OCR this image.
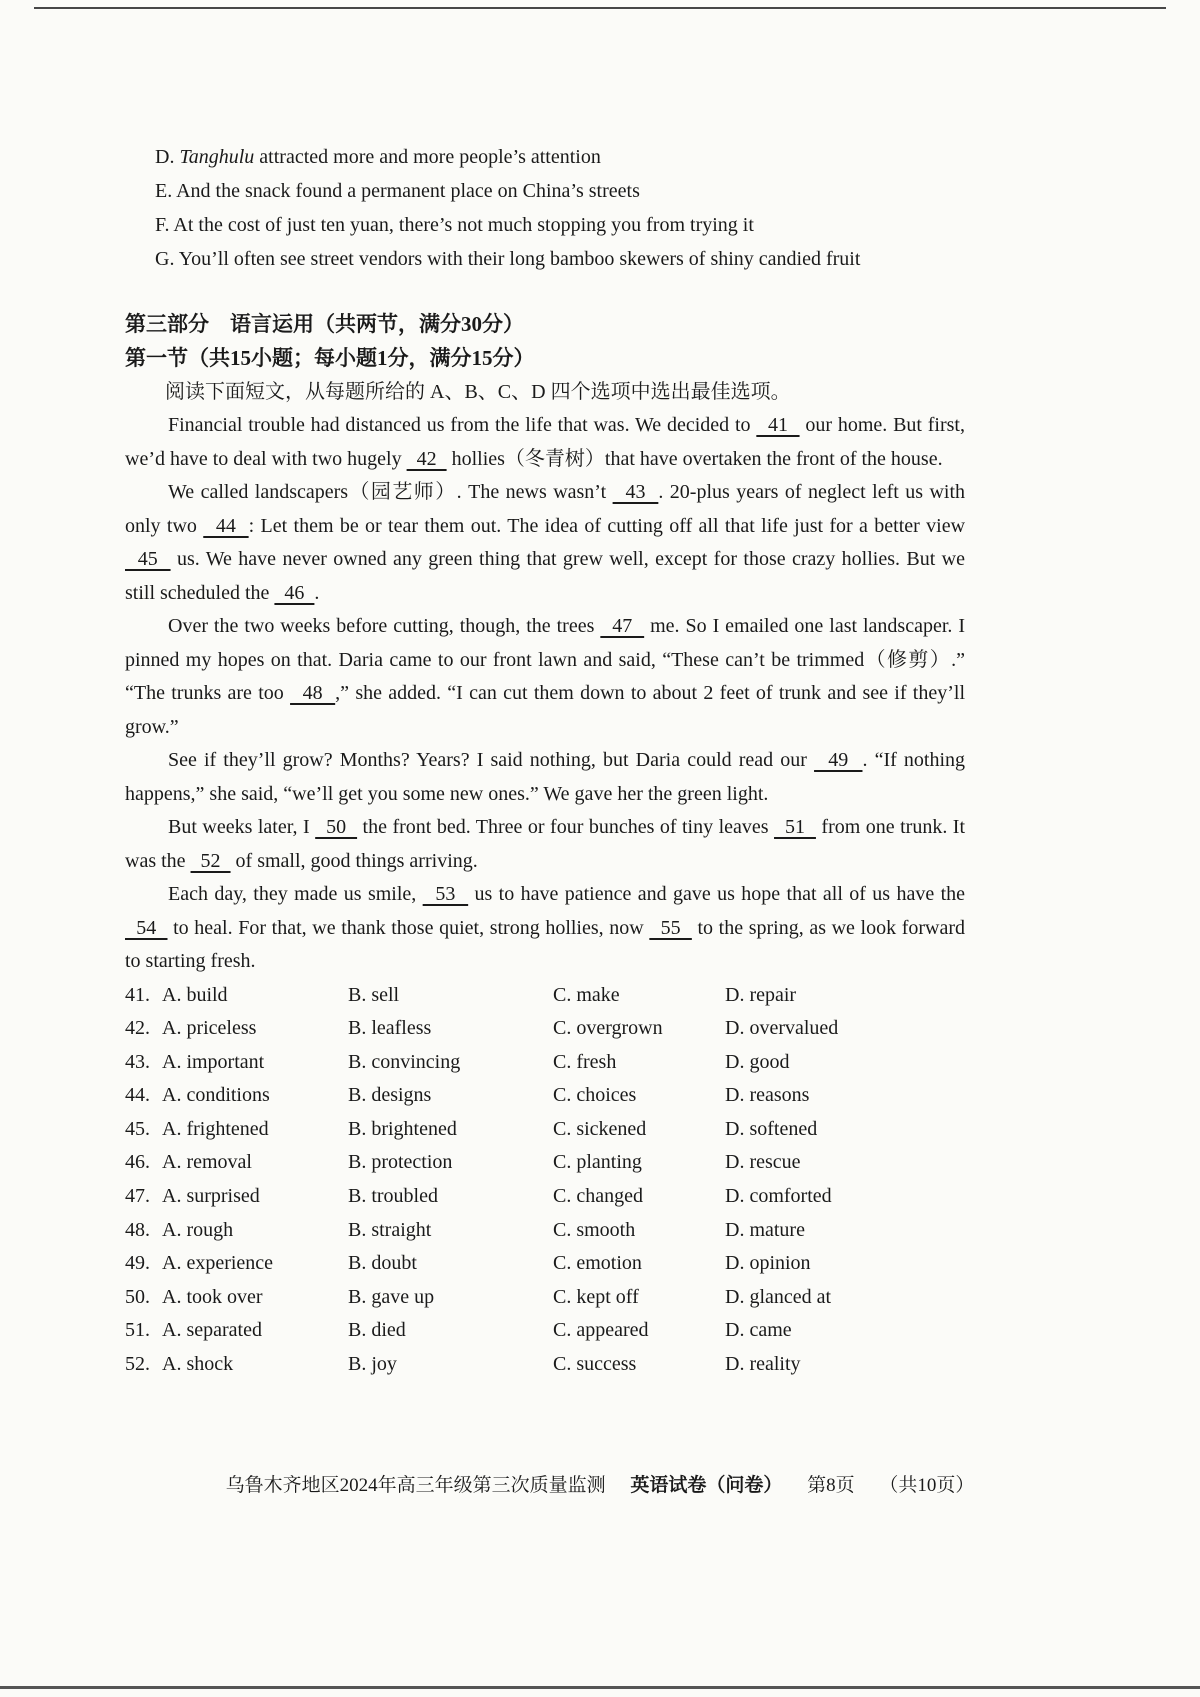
D. Tanghulu attracted more and more people’s attention

E. And the snack found a permanent place on China’s streets

F. At the cost of just ten yuan, there’s not much stopping you from trying it

G. You’ll often see street vendors with their long bamboo skewers of shiny candied fruit

第三部分　语言运用（共两节，满分30分）
第一节（共15小题；每小题1分，满分15分）

阅读下面短文，从每题所给的 A、B、C、D 四个选项中选出最佳选项。

Financial trouble had distanced us from the life that was. We decided to   41   our home. But first, we’d have to deal with two hugely   42   hollies（冬青树）that have overtaken the front of the house.

We called landscapers（园艺师）. The news wasn’t   43  . 20-plus years of neglect left us with only two   44  : Let them be or tear them out. The idea of cutting off all that life just for a better view   45   us. We have never owned any green thing that grew well, except for those crazy hollies. But we still scheduled the   46  .

Over the two weeks before cutting, though, the trees   47   me. So I emailed one last landscaper. I pinned my hopes on that. Daria came to our front lawn and said, “These can’t be trimmed（修剪）.” “The trunks are too   48  ,” she added. “I can cut them down to about 2 feet of trunk and see if they’ll grow.”

See if they’ll grow? Months? Years? I said nothing, but Daria could read our   49  . “If nothing happens,” she said, “we’ll get you some new ones.” We gave her the green light.

But weeks later, I   50   the front bed. Three or four bunches of tiny leaves   51   from one trunk. It was the   52   of small, good things arriving.

Each day, they made us smile,   53   us to have patience and gave us hope that all of us have the   54   to heal. For that, we thank those quiet, strong hollies, now   55   to the spring, as we look forward to starting fresh.

41. A. build	B. sell	C. make	D. repair
42. A. priceless	B. leafless	C. overgrown	D. overvalued
43. A. important	B. convincing	C. fresh	D. good
44. A. conditions	B. designs	C. choices	D. reasons
45. A. frightened	B. brightened	C. sickened	D. softened
46. A. removal	B. protection	C. planting	D. rescue
47. A. surprised	B. troubled	C. changed	D. comforted
48. A. rough	B. straight	C. smooth	D. mature
49. A. experience	B. doubt	C. emotion	D. opinion
50. A. took over	B. gave up	C. kept off	D. glanced at
51. A. separated	B. died	C. appeared	D. came
52. A. shock	B. joy	C. success	D. reality
乌鲁木齐地区2024年高三年级第三次质量监测 英语试卷（问卷） 第8页 （共10页）
